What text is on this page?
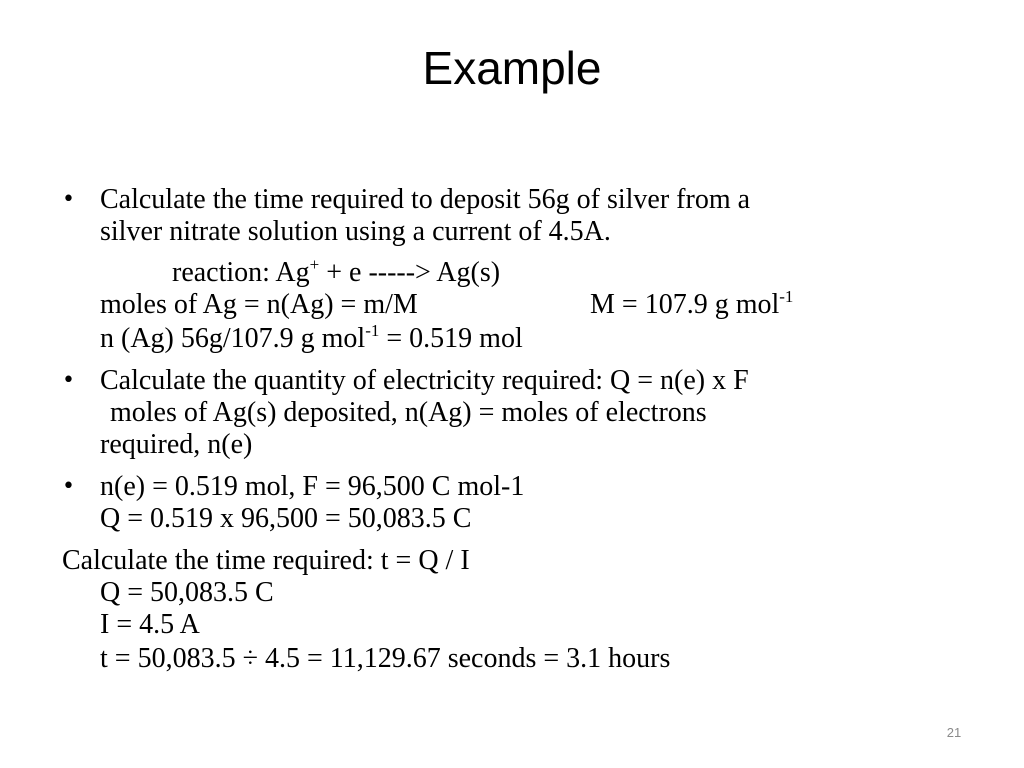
Example
• Calculate the time required to deposit 56g of silver from a
silver nitrate solution using a current of 4.5A.
reaction: Ag+ + e -----> Ag(s)
moles of Ag = n(Ag) = m/M	M = 107.9 g mol$^{-1}$
n (Ag) 56g/107.9 g mol$^{-1}$ = 0.519 mol
• Calculate the quantity of electricity required: Q = n(e) x F
moles of Ag(s) deposited, n(Ag) = moles of electrons
required, n(e)
• n(e) = 0.519 mol, F = 96,500 C mol-1
Q = 0.519 x 96,500 = 50,083.5 C
Calculate the time required: t = Q / I
Q = 50,083.5 C
I = 4.5 A
t = 50,083.5 ÷ 4.5 = 11,129.67 seconds = 3.1 hours
21
